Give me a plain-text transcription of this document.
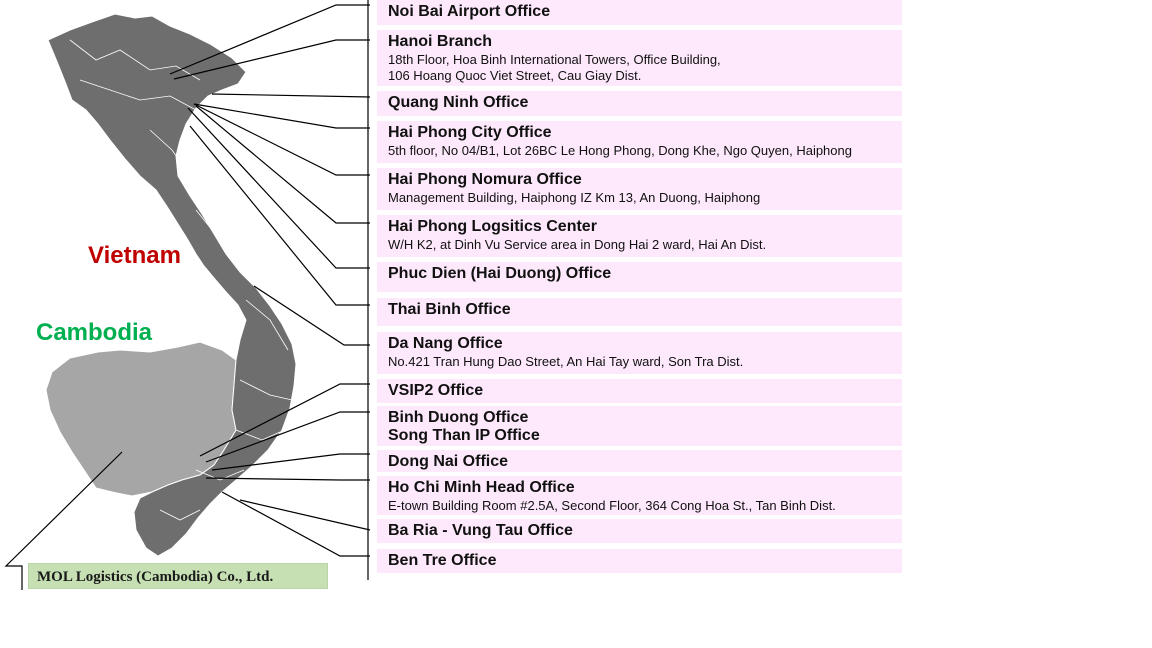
Vietnam
Cambodia
MOL Logistics (Cambodia) Co., Ltd.
Noi Bai Airport Office
Hanoi Branch
18th Floor, Hoa Binh International Towers, Office Building,
106 Hoang Quoc Viet Street, Cau Giay Dist.
Quang Ninh Office
Hai Phong City Office
5th floor, No 04/B1, Lot 26BC Le Hong Phong, Dong Khe, Ngo Quyen, Haiphong
Hai Phong Nomura Office
Management Building, Haiphong IZ Km 13, An Duong, Haiphong
Hai Phong Logsitics Center
W/H K2, at Dinh Vu Service area in Dong Hai 2 ward, Hai An Dist.
Phuc Dien (Hai Duong) Office
Thai Binh Office
Da Nang Office
No.421 Tran Hung Dao Street, An Hai Tay ward, Son Tra Dist.
VSIP2 Office
Binh Duong Office
Song Than IP Office
Dong Nai Office
Ho Chi Minh Head Office
E-town Building Room #2.5A, Second Floor, 364 Cong Hoa St., Tan Binh Dist.
Ba Ria - Vung Tau Office
Ben Tre Office
